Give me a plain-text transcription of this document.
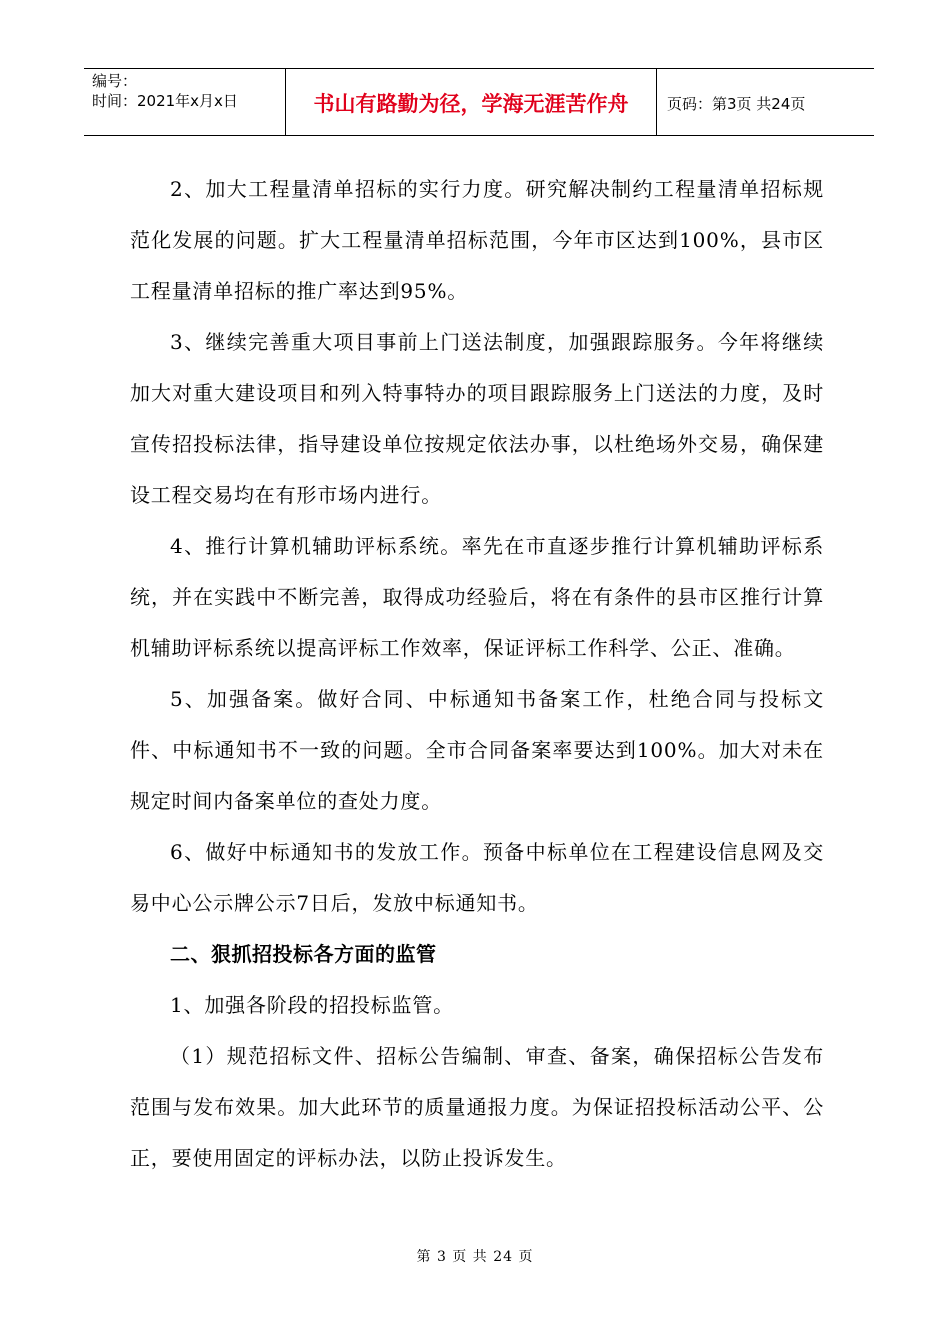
编号：
时间：2021年x月x日	书山有路勤为径，学海无涯苦作舟	页码：第3页 共24页

2、加大工程量清单招标的实行力度。研究解决制约工程量清单招标规范化发展的问题。扩大工程量清单招标范围，今年市区达到100%，县市区工程量清单招标的推广率达到95%。

3、继续完善重大项目事前上门送法制度，加强跟踪服务。今年将继续加大对重大建设项目和列入特事特办的项目跟踪服务上门送法的力度，及时宣传招投标法律，指导建设单位按规定依法办事，以杜绝场外交易，确保建设工程交易均在有形市场内进行。

4、推行计算机辅助评标系统。率先在市直逐步推行计算机辅助评标系统，并在实践中不断完善，取得成功经验后，将在有条件的县市区推行计算机辅助评标系统以提高评标工作效率，保证评标工作科学、公正、准确。

5、加强备案。做好合同、中标通知书备案工作，杜绝合同与投标文件、中标通知书不一致的问题。全市合同备案率要达到100%。加大对未在规定时间内备案单位的查处力度。

6、做好中标通知书的发放工作。预备中标单位在工程建设信息网及交易中心公示牌公示7日后，发放中标通知书。

二、狠抓招投标各方面的监管

1、加强各阶段的招投标监管。

（1）规范招标文件、招标公告编制、审查、备案，确保招标公告发布范围与发布效果。加大此环节的质量通报力度。为保证招投标活动公平、公正，要使用固定的评标办法，以防止投诉发生。

第 3 页 共 24 页
